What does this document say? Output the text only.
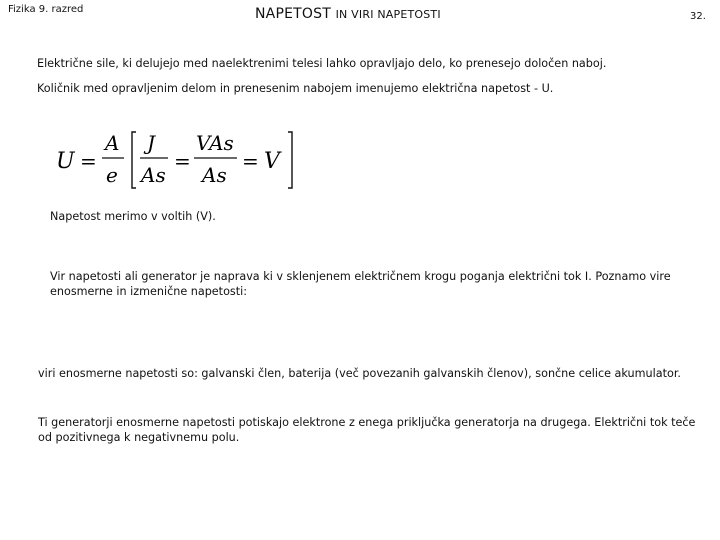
Fizika 9. razred	NAPETOST IN VIRI NAPETOSTI	32.
Električne sile, ki delujejo med naelektrenimi telesi lahko opravljajo delo, ko prenesejo določen naboj.
Količnik med opravljenim delom in prenesenim nabojem imenujemo električna napetost - U.
U =
A
e
J
As
=
VAs
As
= V
Napetost merimo v voltih (V).
Vir napetosti ali generator je naprava ki v sklenjenem električnem krogu poganja električni tok I. Poznamo vire enosmerne in izmenične napetosti:
viri enosmerne napetosti so: galvanski člen, baterija (več povezanih galvanskih členov), sončne celice akumulator.
Ti generatorji enosmerne napetosti potiskajo elektrone z enega priključka generatorja na drugega. Električni tok teče od pozitivnega k negativnemu polu.
